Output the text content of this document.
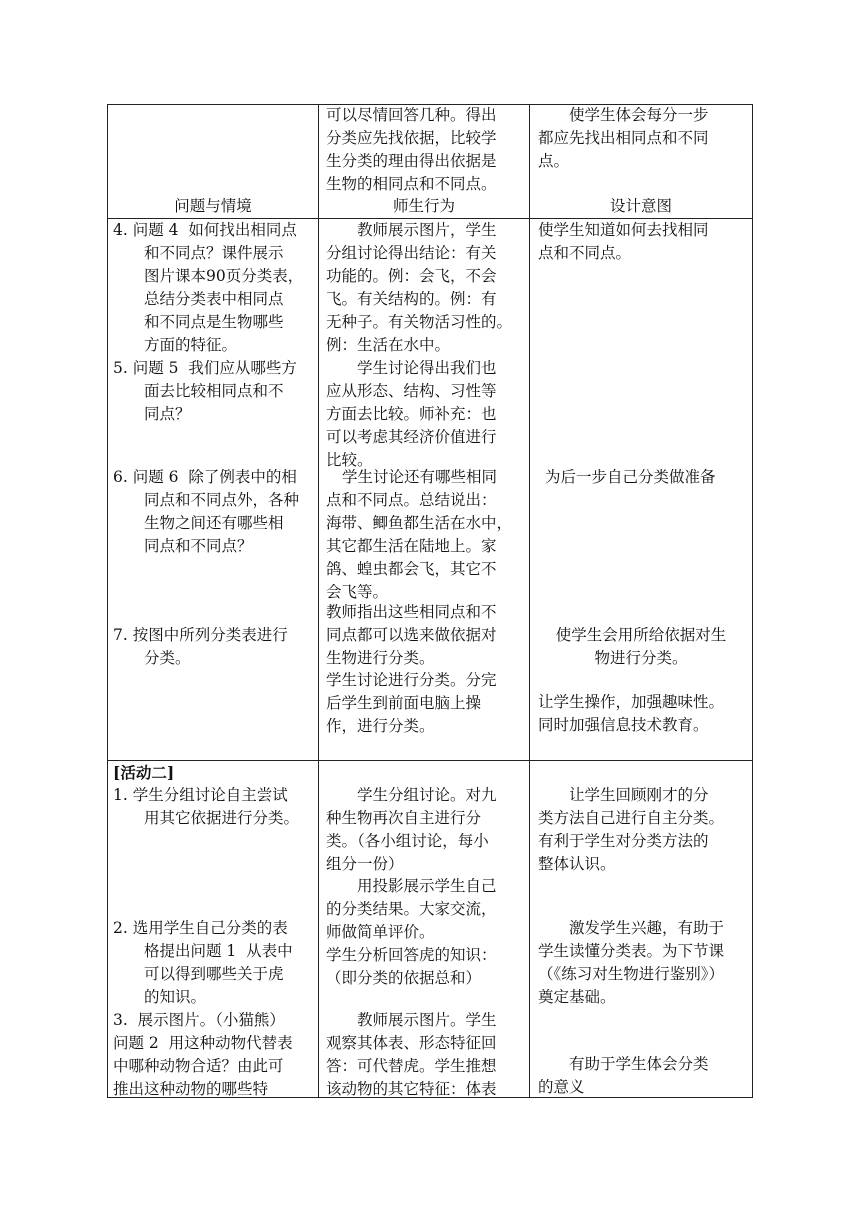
可以尽情回答几种。得出
分类应先找依据，比较学
生分类的理由得出依据是
生物的相同点和不同点。
使学生体会每分一步
都应先找出相同点和不同
点。
问题与情境	师生行为	设计意图
4. 问题 4  如何找出相同点
和不同点？课件展示
图片课本90页分类表，
总结分类表中相同点
和不同点是生物哪些
方面的特征。
5. 问题 5  我们应从哪些方
面去比较相同点和不
同点？
6. 问题 6  除了例表中的相
同点和不同点外，各种
生物之间还有哪些相
同点和不同点？
7. 按图中所列分类表进行
分类。
教师展示图片，学生
分组讨论得出结论：有关
功能的。例：会飞，不会
飞。有关结构的。例：有
无种子。有关物活习性的。
例：生活在水中。
学生讨论得出我们也
应从形态、结构、习性等
方面去比较。师补充：也
可以考虑其经济价值进行
比较。
学生讨论还有哪些相同
点和不同点。总结说出：
海带、鲫鱼都生活在水中，
其它都生活在陆地上。家
鸽、蝗虫都会飞，其它不
会飞等。
教师指出这些相同点和不
同点都可以选来做依据对
生物进行分类。
学生讨论进行分类。分完
后学生到前面电脑上操
作，进行分类。
使学生知道如何去找相同
点和不同点。
为后一步自己分类做准备
使学生会用所给依据对生
物进行分类。
让学生操作，加强趣味性。
同时加强信息技术教育。
[活动二]
1. 学生分组讨论自主尝试
用其它依据进行分类。
2. 选用学生自己分类的表
格提出问题 1  从表中
可以得到哪些关于虎
的知识。
3.  展示图片。（小猫熊）
问题 2  用这种动物代替表
中哪种动物合适？由此可
推出这种动物的哪些特
学生分组讨论。对九
种生物再次自主进行分
类。（各小组讨论，每小
组分一份）
用投影展示学生自己
的分类结果。大家交流，
师做简单评价。
学生分析回答虎的知识：
（即分类的依据总和）
教师展示图片。学生
观察其体表、形态特征回
答：可代替虎。学生推想
该动物的其它特征：体表
让学生回顾刚才的分
类方法自己进行自主分类。
有利于学生对分类方法的
整体认识。
激发学生兴趣，有助于
学生读懂分类表。为下节课
（《练习对生物进行鉴别》）
奠定基础。
有助于学生体会分类
的意义
